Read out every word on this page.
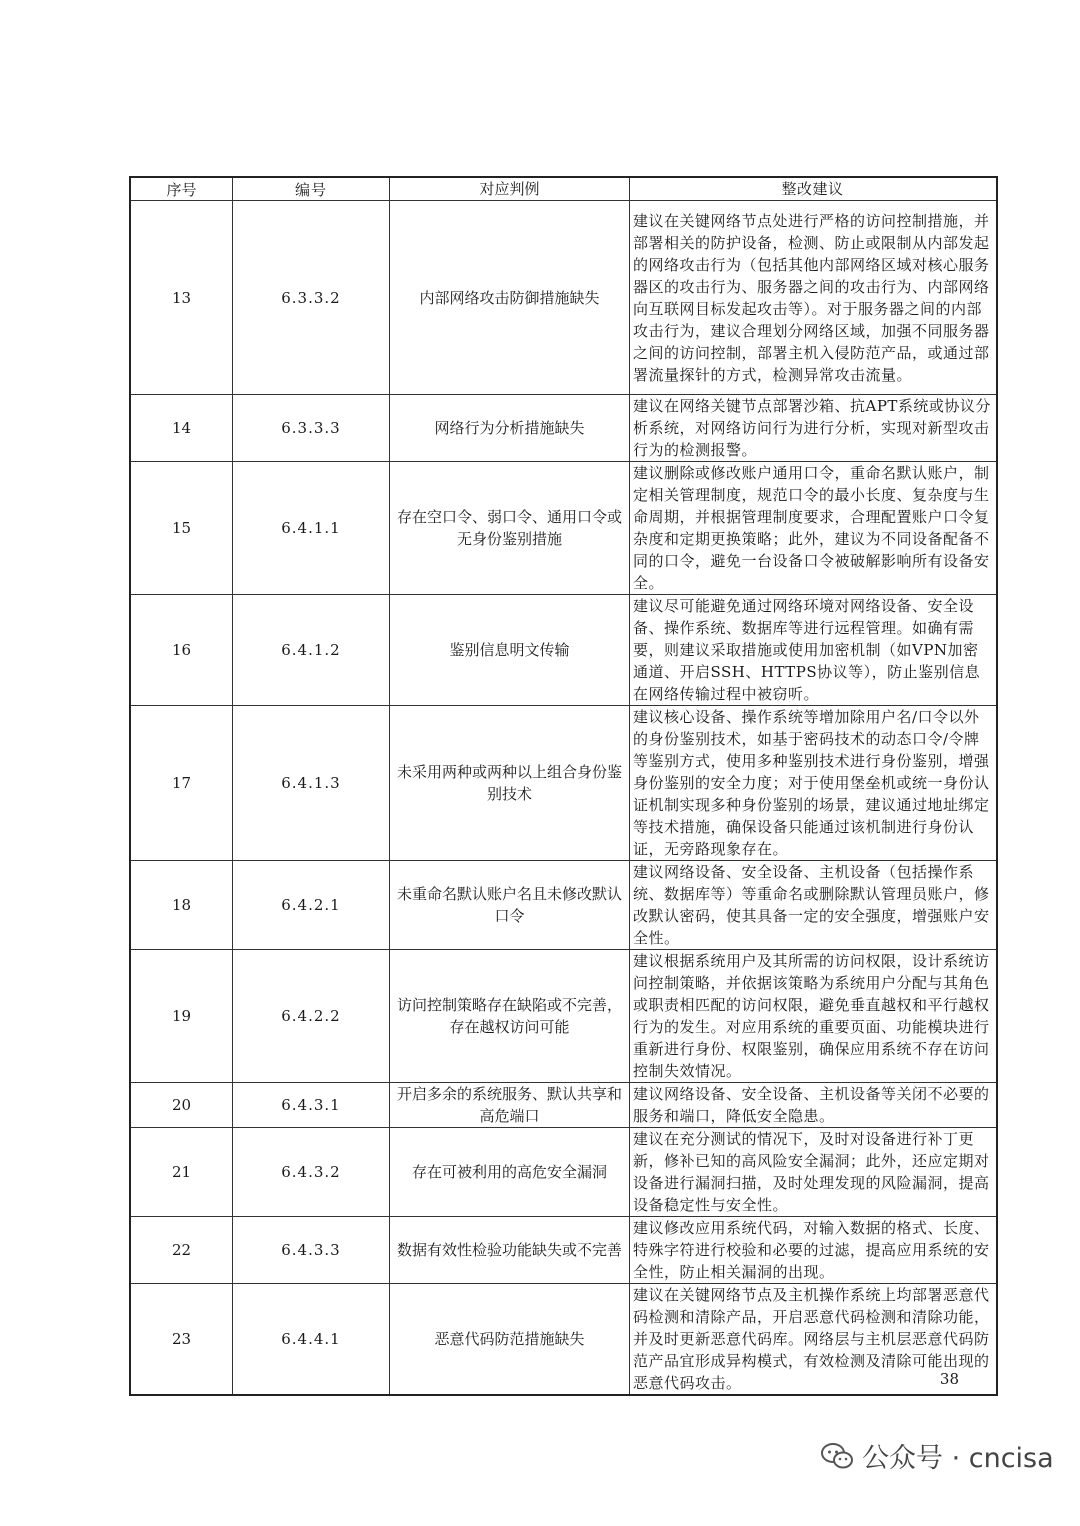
序号	编号	对应判例	整改建议
13	6.3.3.2	内部网络攻击防御措施缺失	建议在关键网络节点处进行严格的访问控制措施，并部署相关的防护设备，检测、防止或限制从内部发起的网络攻击行为（包括其他内部网络区域对核心服务器区的攻击行为、服务器之间的攻击行为、内部网络向互联网目标发起攻击等）。对于服务器之间的内部攻击行为，建议合理划分网络区域，加强不同服务器之间的访问控制，部署主机入侵防范产品，或通过部署流量探针的方式，检测异常攻击流量。
14	6.3.3.3	网络行为分析措施缺失	建议在网络关键节点部署沙箱、抗APT系统或协议分析系统，对网络访问行为进行分析，实现对新型攻击行为的检测报警。
15	6.4.1.1	存在空口令、弱口令、通用口令或无身份鉴别措施	建议删除或修改账户通用口令，重命名默认账户，制定相关管理制度，规范口令的最小长度、复杂度与生命周期，并根据管理制度要求，合理配置账户口令复杂度和定期更换策略；此外，建议为不同设备配备不同的口令，避免一台设备口令被破解影响所有设备安全。
16	6.4.1.2	鉴别信息明文传输	建议尽可能避免通过网络环境对网络设备、安全设备、操作系统、数据库等进行远程管理。如确有需要，则建议采取措施或使用加密机制（如VPN加密通道、开启SSH、HTTPS协议等），防止鉴别信息在网络传输过程中被窃听。
17	6.4.1.3	未采用两种或两种以上组合身份鉴别技术	建议核心设备、操作系统等增加除用户名/口令以外的身份鉴别技术，如基于密码技术的动态口令/令牌等鉴别方式，使用多种鉴别技术进行身份鉴别，增强身份鉴别的安全力度；对于使用堡垒机或统一身份认证机制实现多种身份鉴别的场景，建议通过地址绑定等技术措施，确保设备只能通过该机制进行身份认证，无旁路现象存在。
18	6.4.2.1	未重命名默认账户名且未修改默认口令	建议网络设备、安全设备、主机设备（包括操作系统、数据库等）等重命名或删除默认管理员账户，修改默认密码，使其具备一定的安全强度，增强账户安全性。
19	6.4.2.2	访问控制策略存在缺陷或不完善，存在越权访问可能	建议根据系统用户及其所需的访问权限，设计系统访问控制策略，并依据该策略为系统用户分配与其角色或职责相匹配的访问权限，避免垂直越权和平行越权行为的发生。对应用系统的重要页面、功能模块进行重新进行身份、权限鉴别，确保应用系统不存在访问控制失效情况。
20	6.4.3.1	开启多余的系统服务、默认共享和高危端口	建议网络设备、安全设备、主机设备等关闭不必要的服务和端口，降低安全隐患。
21	6.4.3.2	存在可被利用的高危安全漏洞	建议在充分测试的情况下，及时对设备进行补丁更新，修补已知的高风险安全漏洞；此外，还应定期对设备进行漏洞扫描，及时处理发现的风险漏洞，提高设备稳定性与安全性。
22	6.4.3.3	数据有效性检验功能缺失或不完善	建议修改应用系统代码，对输入数据的格式、长度、特殊字符进行校验和必要的过滤，提高应用系统的安全性，防止相关漏洞的出现。
23	6.4.4.1	恶意代码防范措施缺失	建议在关键网络节点及主机操作系统上均部署恶意代码检测和清除产品，开启恶意代码检测和清除功能，并及时更新恶意代码库。网络层与主机层恶意代码防范产品宜形成异构模式，有效检测及清除可能出现的恶意代码攻击。	38
公众号 · cncisa
